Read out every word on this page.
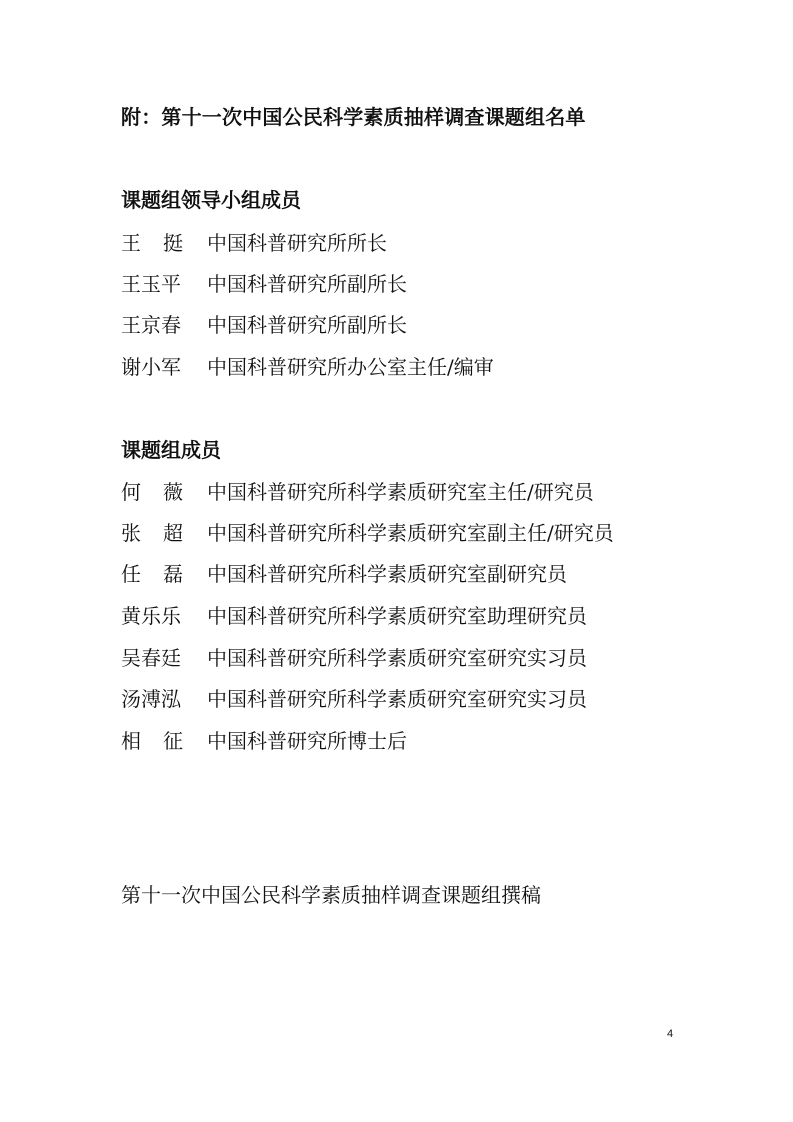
附：第十一次中国公民科学素质抽样调查课题组名单
课题组领导小组成员
王 挺 中国科普研究所所长
王玉平	中国科普研究所副所长
王京春	中国科普研究所副所长
谢小军	中国科普研究所办公室主任/编审
课题组成员
何 薇 中国科普研究所科学素质研究室主任/研究员
张 超 中国科普研究所科学素质研究室副主任/研究员
任 磊 中国科普研究所科学素质研究室副研究员
黄乐乐	中国科普研究所科学素质研究室助理研究员
吴春廷	中国科普研究所科学素质研究室研究实习员
汤溥泓	中国科普研究所科学素质研究室研究实习员
相 征 中国科普研究所博士后
第十一次中国公民科学素质抽样调查课题组撰稿
4
